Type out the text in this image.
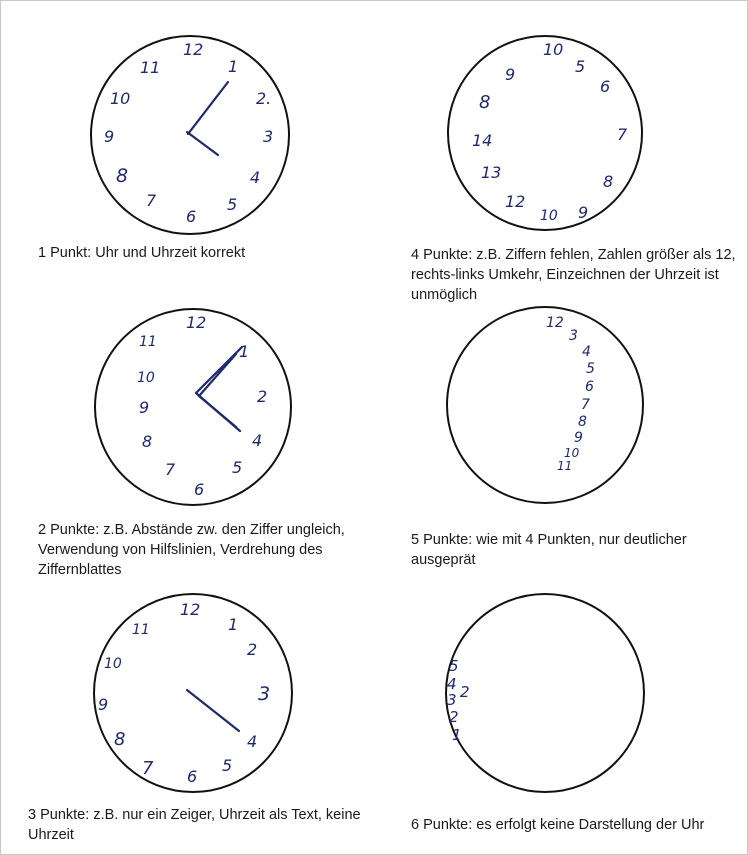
12
1
2.
3
4
5
6
7
8
9
10
11
10
5
6
7
8
9
10
12
13
14
8
9
12
1
2
4
5
6
7
8
9
10
11
12
3
4
5
6
7
8
9
10
11
12
1
2
3
4
5
6
7
8
9
10
11
5
4
3
2
1
2

1 Punkt: Uhr und Uhrzeit korrekt	4 Punkte: z.B. Ziffern fehlen, Zahlen größer als 12, rechts-links Umkehr, Einzeichnen der Uhrzeit ist unmöglich

2 Punkte: z.B. Abstände zw. den Ziffer ungleich, Verwendung von Hilfslinien, Verdrehung des Ziffernblattes

5 Punkte: wie mit 4 Punkten, nur deutlicher ausgeprät

3 Punkte: z.B. nur ein Zeiger, Uhrzeit als Text, keine Uhrzeit

6 Punkte: es erfolgt keine Darstellung der Uhr
